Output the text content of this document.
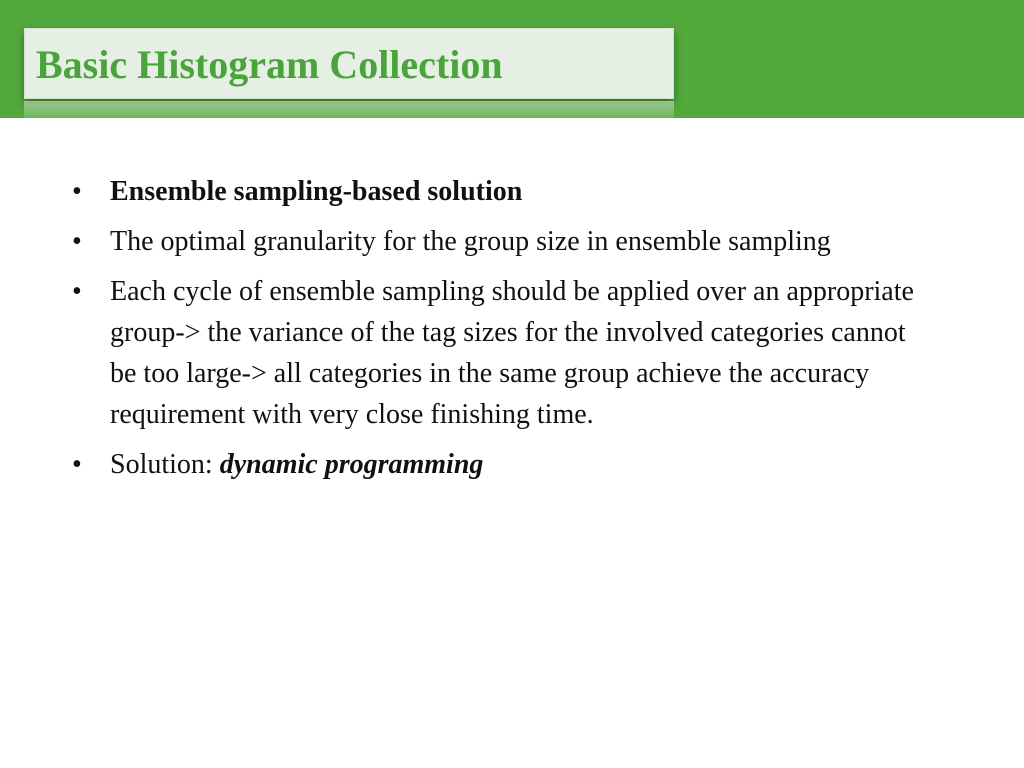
Basic Histogram Collection
• Ensemble sampling-based solution
• The optimal granularity for the group size in ensemble sampling
• Each cycle of ensemble sampling should be applied over an appropriate group-> the variance of the tag sizes for the involved categories cannot be too large-> all categories in the same group achieve the accuracy requirement with very close finishing time.
• Solution: dynamic programming
